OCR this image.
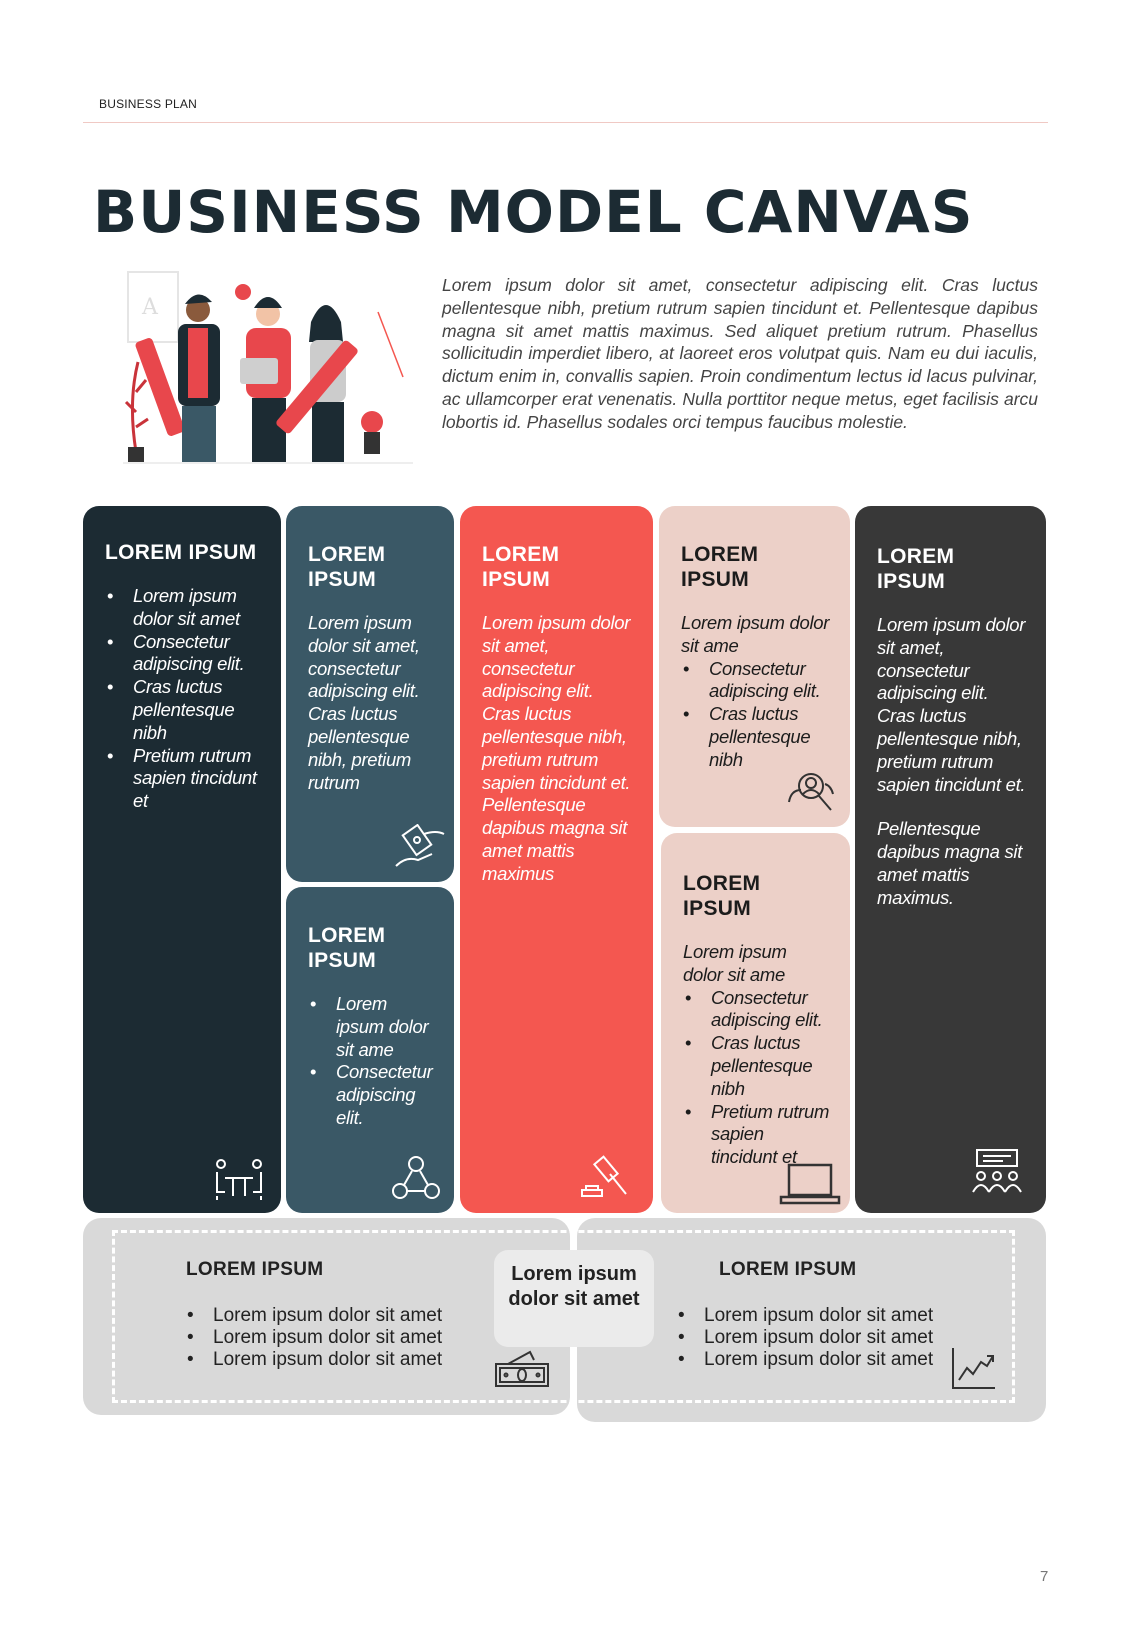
BUSINESS PLAN
BUSINESS MODEL CANVAS
A
Lorem ipsum dolor sit amet, consectetur adipiscing elit. Cras luctus pellentesque nibh, pretium rutrum sapien tincidunt et. Pellentesque dapibus magna sit amet mattis maximus. Sed aliquet pretium rutrum. Phasellus sollicitudin imperdiet libero, at laoreet eros volutpat quis. Nam eu dui iaculis, dictum enim in, convallis sapien. Proin condimentum lectus id lacus pulvinar, ac ullamcorper erat venenatis. Nulla porttitor neque metus, eget facilisis arcu lobortis id. Phasellus sodales orci tempus faucibus molestie.
LOREM IPSUM
• Lorem ipsum dolor sit amet
• Consectetur adipiscing elit.
• Cras luctus pellentesque nibh
• Pretium rutrum sapien tincidunt et
LOREM IPSUM

Lorem ipsum dolor sit amet, consectetur adipiscing elit. Cras luctus pellentesque nibh, pretium rutrum

LOREM IPSUM
• Lorem ipsum dolor sit ame
• Consectetur adipiscing elit.
LOREM IPSUM

Lorem ipsum dolor sit amet, consectetur adipiscing elit. Cras luctus pellentesque nibh, pretium rutrum sapien tincidunt et. Pellentesque dapibus magna sit amet mattis maximus

LOREM IPSUM

Lorem ipsum dolor sit ame

• Consectetur adipiscing elit.
• Cras luctus pellentesque nibh
LOREM IPSUM

Lorem ipsum dolor sit ame

• Consectetur adipiscing elit.
• Cras luctus pellentesque nibh
• Pretium rutrum sapien tincidunt et
LOREM IPSUM

Lorem ipsum dolor sit amet, consectetur adipiscing elit. Cras luctus pellentesque nibh, pretium rutrum sapien tincidunt et.

Pellentesque dapibus magna sit amet mattis maximus.

LOREM IPSUM
• Lorem ipsum dolor sit amet
• Lorem ipsum dolor sit amet
• Lorem ipsum dolor sit amet
Lorem ipsum dolor sit amet
LOREM IPSUM
• Lorem ipsum dolor sit amet
• Lorem ipsum dolor sit amet
• Lorem ipsum dolor sit amet
7
